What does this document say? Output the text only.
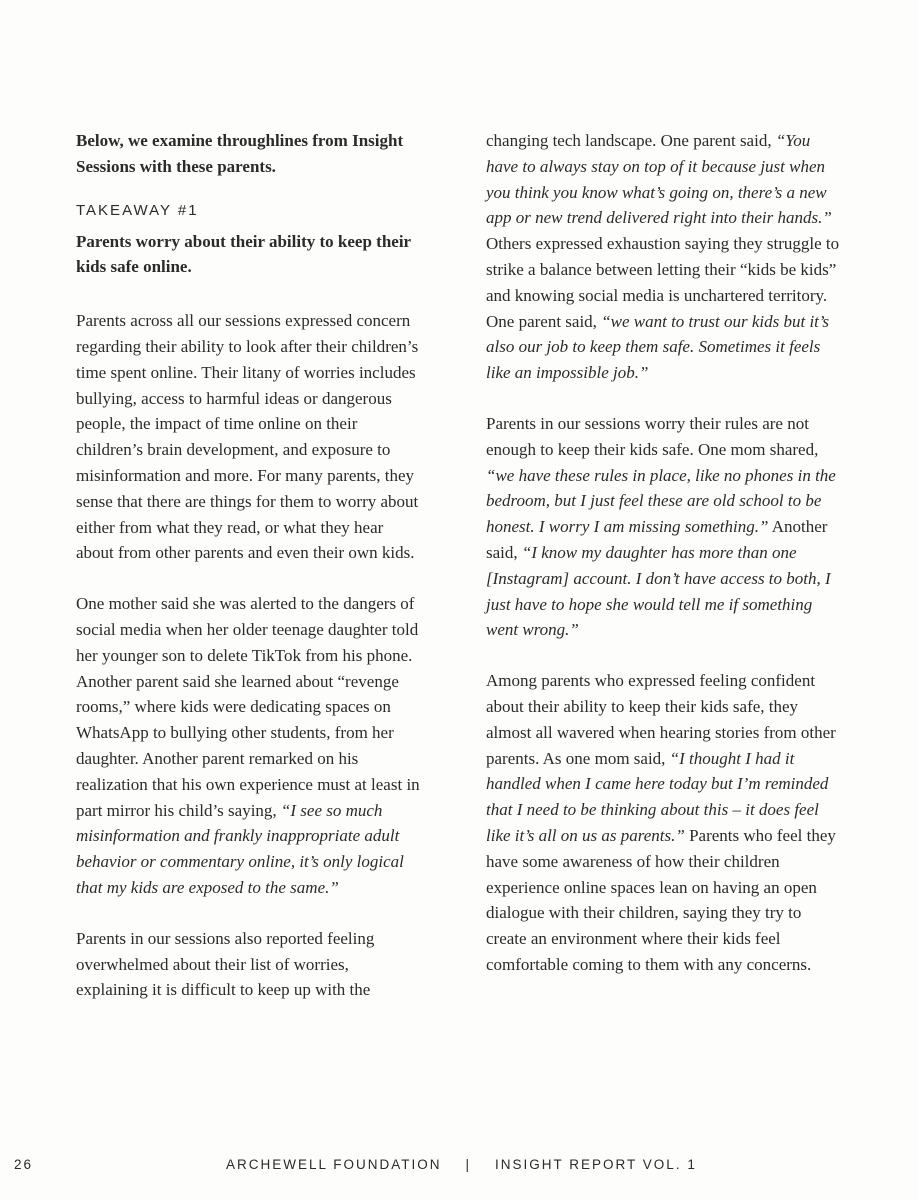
Below, we examine throughlines from Insight Sessions with these parents.

TAKEAWAY #1

Parents worry about their ability to keep their kids safe online.

Parents across all our sessions expressed concern regarding their ability to look after their children’s time spent online. Their litany of worries includes bullying, access to harmful ideas or dangerous people, the impact of time online on their children’s brain development, and exposure to misinformation and more. For many parents, they sense that there are things for them to worry about either from what they read, or what they hear about from other parents and even their own kids.

One mother said she was alerted to the dangers of social media when her older teenage daughter told her younger son to delete TikTok from his phone. Another parent said she learned about “revenge rooms,” where kids were dedicating spaces on WhatsApp to bullying other students, from her daughter. Another parent remarked on his realization that his own experience must at least in part mirror his child’s saying, “I see so much misinformation and frankly inappropriate adult behavior or commentary online, it’s only logical that my kids are exposed to the same.”

Parents in our sessions also reported feeling overwhelmed about their list of worries, explaining it is difficult to keep up with the

changing tech landscape. One parent said, “You have to always stay on top of it because just when you think you know what’s going on, there’s a new app or new trend delivered right into their hands.” Others expressed exhaustion saying they struggle to strike a balance between letting their “kids be kids” and knowing social media is unchartered territory. One parent said, “we want to trust our kids but it’s also our job to keep them safe. Sometimes it feels like an impossible job.”

Parents in our sessions worry their rules are not enough to keep their kids safe. One mom shared, “we have these rules in place, like no phones in the bedroom, but I just feel these are old school to be honest. I worry I am missing something.” Another said, “I know my daughter has more than one [Instagram] account. I don’t have access to both, I just have to hope she would tell me if something went wrong.”

Among parents who expressed feeling confident about their ability to keep their kids safe, they almost all wavered when hearing stories from other parents. As one mom said, “I thought I had it handled when I came here today but I’m reminded that I need to be thinking about this – it does feel like it’s all on us as parents.” Parents who feel they have some awareness of how their children experience online spaces lean on having an open dialogue with their children, saying they try to create an environment where their kids feel comfortable coming to them with any concerns.

26	ARCHEWELL FOUNDATION | INSIGHT REPORT VOL. 1
